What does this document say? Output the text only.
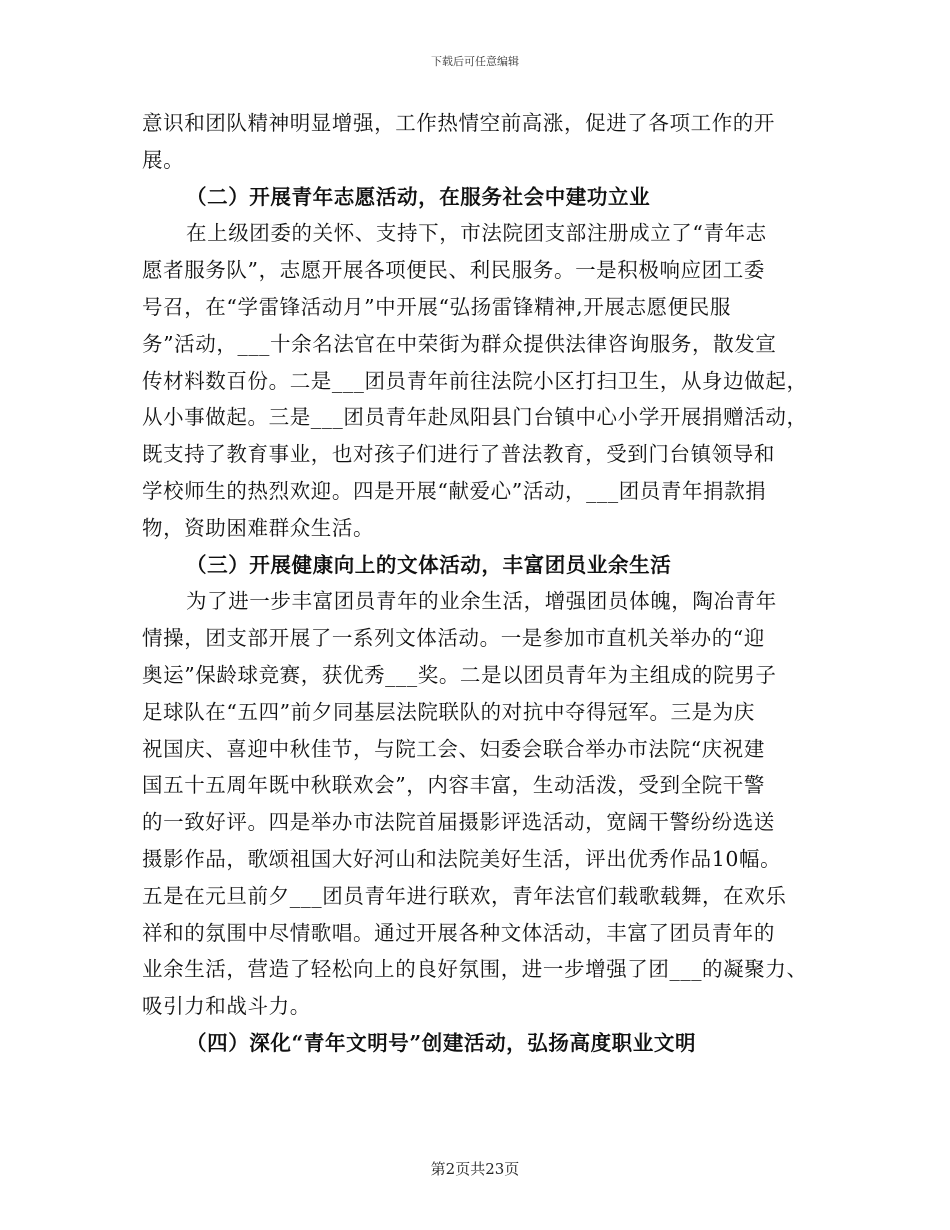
下载后可任意编辑
意识和团队精神明显增强，工作热情空前高涨，促进了各项工作的开
展。
（二）开展青年志愿活动，在服务社会中建功立业
在上级团委的关怀、支持下，市法院团支部注册成立了“青年志
愿者服务队”，志愿开展各项便民、利民服务。一是积极响应团工委
号召，在“学雷锋活动月”中开展“弘扬雷锋精神,开展志愿便民服
务”活动，___十余名法官在中荣街为群众提供法律咨询服务，散发宣
传材料数百份。二是___团员青年前往法院小区打扫卫生，从身边做起，
从小事做起。三是___团员青年赴凤阳县门台镇中心小学开展捐赠活动，
既支持了教育事业，也对孩子们进行了普法教育，受到门台镇领导和
学校师生的热烈欢迎。四是开展“献爱心”活动，___团员青年捐款捐
物，资助困难群众生活。
（三）开展健康向上的文体活动，丰富团员业余生活
为了进一步丰富团员青年的业余生活，增强团员体魄，陶冶青年
情操，团支部开展了一系列文体活动。一是参加市直机关举办的“迎
奥运”保龄球竞赛，获优秀___奖。二是以团员青年为主组成的院男子
足球队在“五四”前夕同基层法院联队的对抗中夺得冠军。三是为庆
祝国庆、喜迎中秋佳节，与院工会、妇委会联合举办市法院“庆祝建
国五十五周年既中秋联欢会”，内容丰富，生动活泼，受到全院干警
的一致好评。四是举办市法院首届摄影评选活动，宽阔干警纷纷选送
摄影作品，歌颂祖国大好河山和法院美好生活，评出优秀作品10幅。
五是在元旦前夕___团员青年进行联欢，青年法官们载歌载舞，在欢乐
祥和的氛围中尽情歌唱。通过开展各种文体活动，丰富了团员青年的
业余生活，营造了轻松向上的良好氛围，进一步增强了团___的凝聚力、
吸引力和战斗力。
（四）深化“青年文明号”创建活动，弘扬高度职业文明
第2页共23页
